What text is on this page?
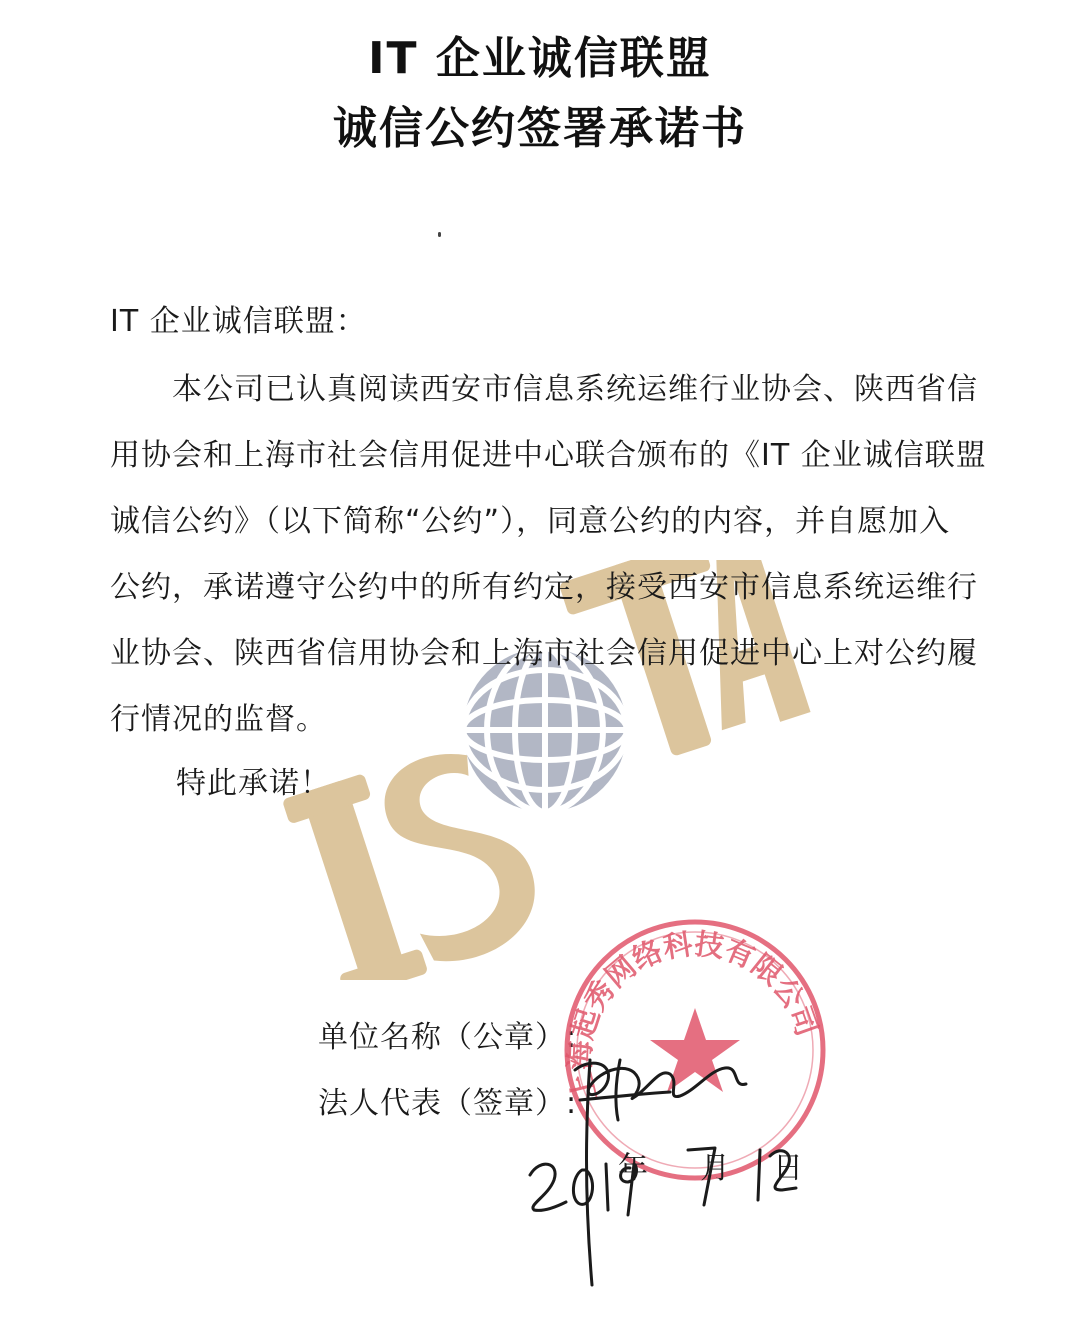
IT 企业诚信联盟
诚信公约签署承诺书
IT 企业诚信联盟：
本公司已认真阅读西安市信息系统运维行业协会、陕西省信
用协会和上海市社会信用促进中心联合颁布的《IT 企业诚信联盟
诚信公约》（以下简称“公约”），同意公约的内容，并自愿加入
公约，承诺遵守公约中的所有约定，接受西安市信息系统运维行
业协会、陕西省信用协会和上海市社会信用促进中心上对公约履
行情况的监督。
特此承诺！
单位名称（公章）:
法人代表（签章）:
上海起秀网络科技有限公司
年 月 日
